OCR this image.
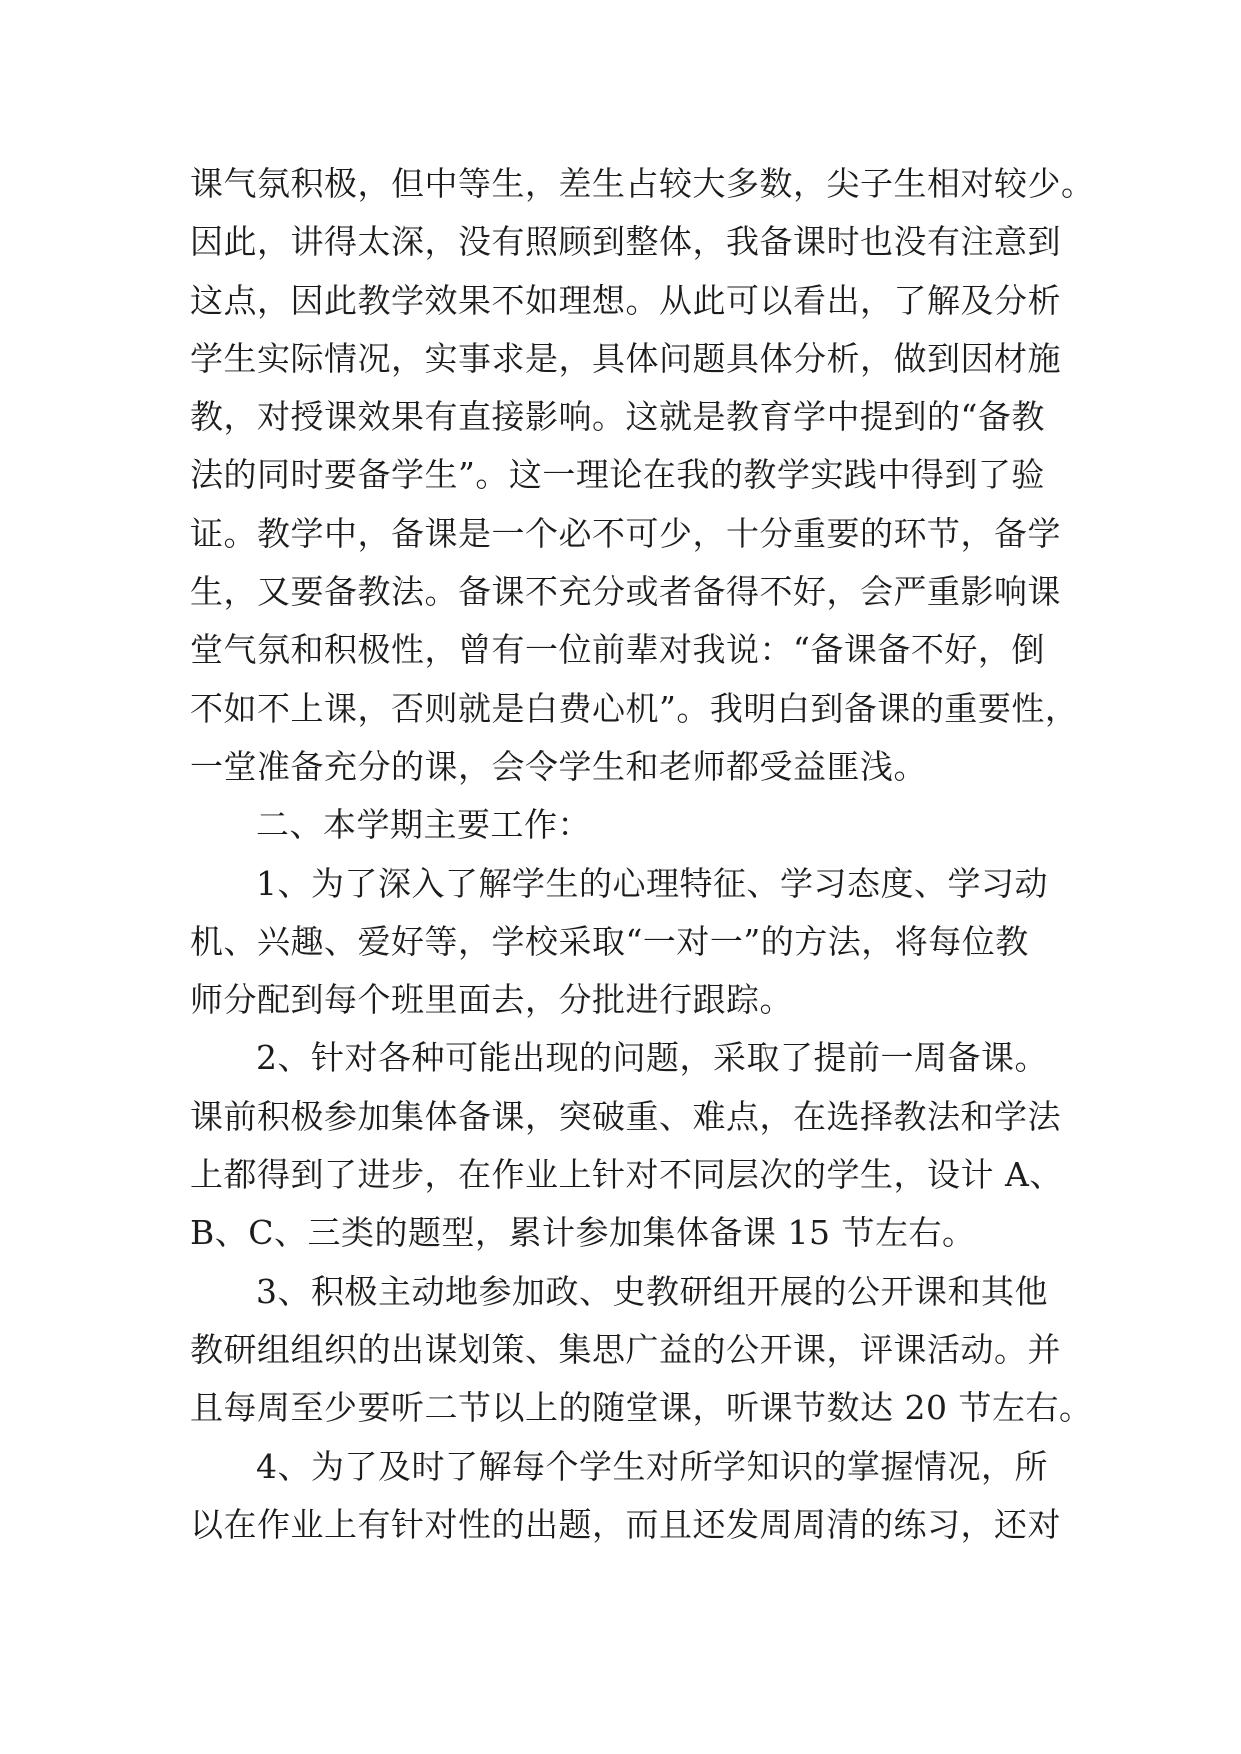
课气氛积极，但中等生，差生占较大多数，尖子生相对较少。
因此，讲得太深，没有照顾到整体，我备课时也没有注意到
这点，因此教学效果不如理想。从此可以看出，了解及分析
学生实际情况，实事求是，具体问题具体分析，做到因材施
教，对授课效果有直接影响。这就是教育学中提到的“备教
法的同时要备学生”。这一理论在我的教学实践中得到了验
证。教学中，备课是一个必不可少，十分重要的环节，备学
生，又要备教法。备课不充分或者备得不好，会严重影响课
堂气氛和积极性，曾有一位前辈对我说：“备课备不好，倒
不如不上课，否则就是白费心机”。我明白到备课的重要性，
一堂准备充分的课，会令学生和老师都受益匪浅。
二、本学期主要工作：
1、为了深入了解学生的心理特征、学习态度、学习动
机、兴趣、爱好等，学校采取“一对一”的方法，将每位教
师分配到每个班里面去，分批进行跟踪。
2、针对各种可能出现的问题，采取了提前一周备课。
课前积极参加集体备课，突破重、难点，在选择教法和学法
上都得到了进步，在作业上针对不同层次的学生，设计 A、
B、C、三类的题型，累计参加集体备课 15 节左右。
3、积极主动地参加政、史教研组开展的公开课和其他
教研组组织的出谋划策、集思广益的公开课，评课活动。并
且每周至少要听二节以上的随堂课，听课节数达 20 节左右。
4、为了及时了解每个学生对所学知识的掌握情况，所
以在作业上有针对性的出题，而且还发周周清的练习，还对
